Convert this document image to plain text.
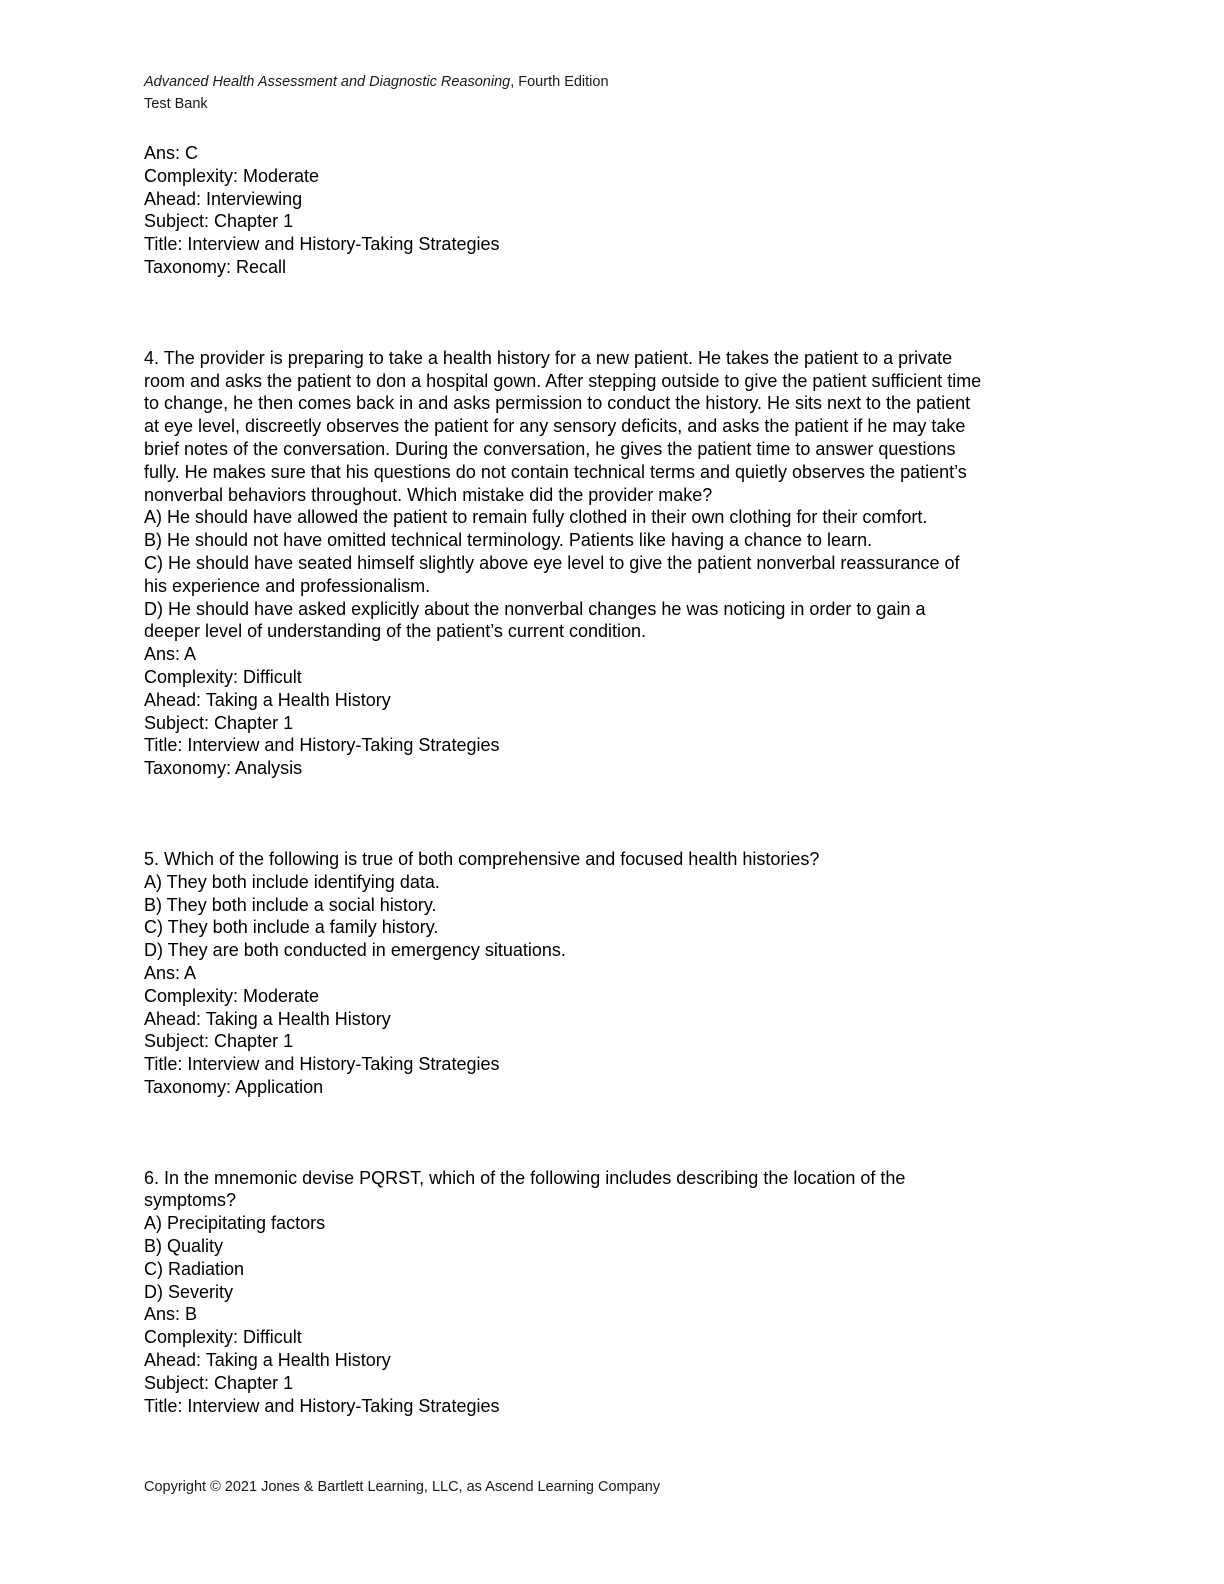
Advanced Health Assessment and Diagnostic Reasoning, Fourth Edition
Test Bank
Ans: C
Complexity: Moderate
Ahead: Interviewing
Subject: Chapter 1
Title: Interview and History-Taking Strategies
Taxonomy: Recall
4. The provider is preparing to take a health history for a new patient. He takes the patient to a private
room and asks the patient to don a hospital gown. After stepping outside to give the patient sufficient time
to change, he then comes back in and asks permission to conduct the history. He sits next to the patient
at eye level, discreetly observes the patient for any sensory deficits, and asks the patient if he may take
brief notes of the conversation. During the conversation, he gives the patient time to answer questions
fully. He makes sure that his questions do not contain technical terms and quietly observes the patient’s
nonverbal behaviors throughout. Which mistake did the provider make?
A) He should have allowed the patient to remain fully clothed in their own clothing for their comfort.
B) He should not have omitted technical terminology. Patients like having a chance to learn.
C) He should have seated himself slightly above eye level to give the patient nonverbal reassurance of
his experience and professionalism.
D) He should have asked explicitly about the nonverbal changes he was noticing in order to gain a
deeper level of understanding of the patient’s current condition.
Ans: A
Complexity: Difficult
Ahead: Taking a Health History
Subject: Chapter 1
Title: Interview and History-Taking Strategies
Taxonomy: Analysis
5. Which of the following is true of both comprehensive and focused health histories?
A) They both include identifying data.
B) They both include a social history.
C) They both include a family history.
D) They are both conducted in emergency situations.
Ans: A
Complexity: Moderate
Ahead: Taking a Health History
Subject: Chapter 1
Title: Interview and History-Taking Strategies
Taxonomy: Application
6. In the mnemonic devise PQRST, which of the following includes describing the location of the
symptoms?
A) Precipitating factors
B) Quality
C) Radiation
D) Severity
Ans: B
Complexity: Difficult
Ahead: Taking a Health History
Subject: Chapter 1
Title: Interview and History-Taking Strategies
Copyright © 2021 Jones & Bartlett Learning, LLC, as Ascend Learning Company
